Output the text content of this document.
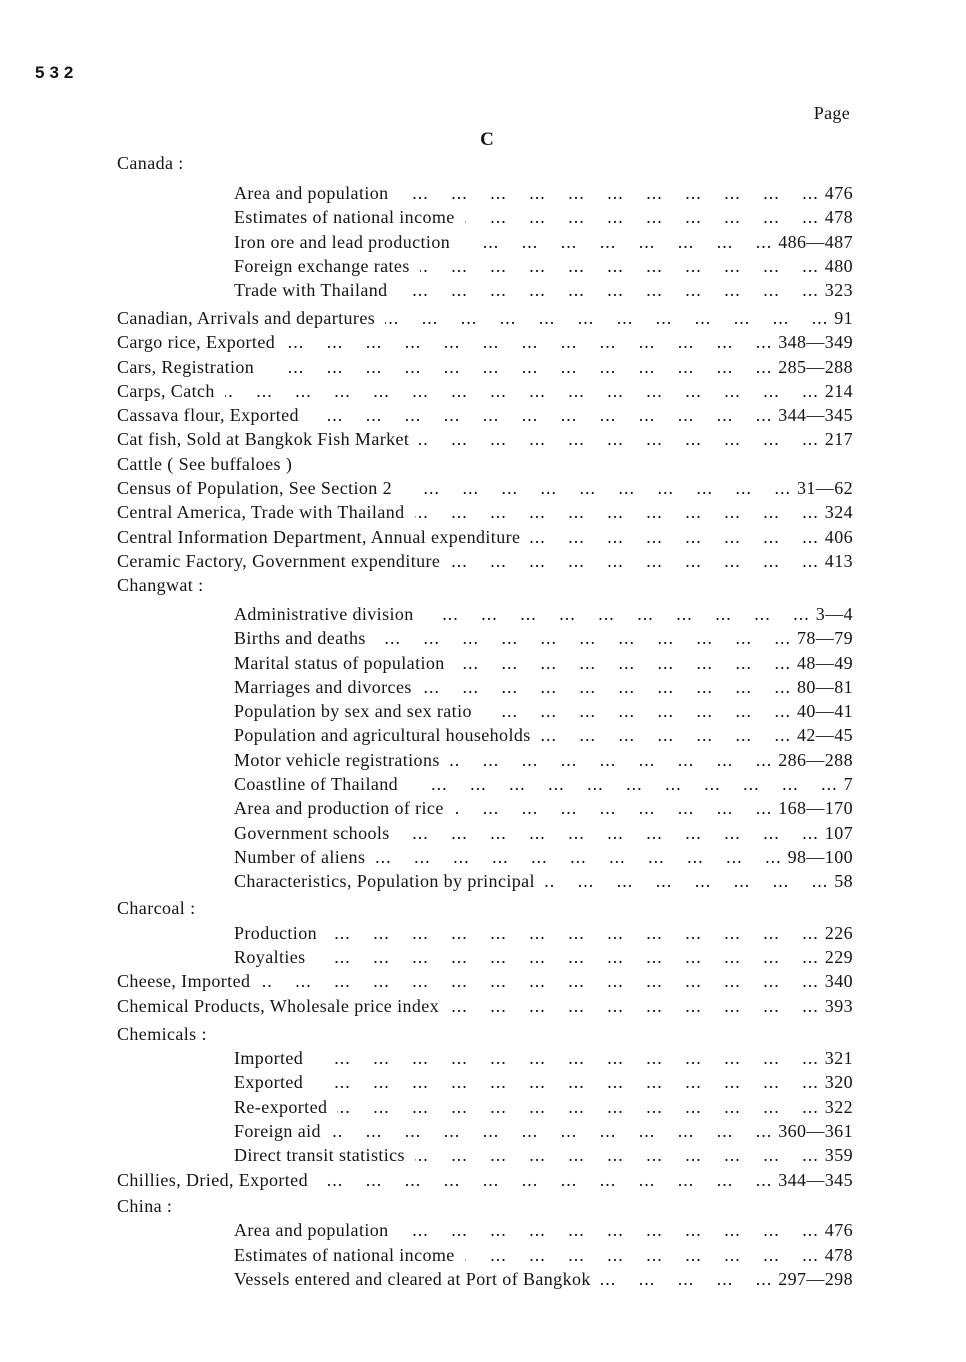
532
Page
C
Canada :
Area and population ... .	476
Estimates of national income ... .	478
Iron ore and lead production ... .	486—487
Foreign exchange rates ... .	480
Trade with Thailand ... .	323
Canadian, Arrivals and departures ... .	91
Cargo rice, Exported ... .	348—349
Cars, Registration ... .	285—288
Carps, Catch ... .	214
Cassava flour, Exported ... .	344—345
Cat fish, Sold at Bangkok Fish Market ... .	217
Cattle ( See buffaloes )
Census of Population, See Section 2 ... .	31—62
Central America, Trade with Thailand ... .	324
Central Information Department, Annual expenditure ... .	406
Ceramic Factory, Government expenditure ... .	413
Changwat :
Administrative division ... .	3—4
Births and deaths ... .	78—79
Marital status of population ... .	48—49
Marriages and divorces ... .	80—81
Population by sex and sex ratio ... .	40—41
Population and agricultural households ... .	42—45
Motor vehicle registrations ... .	286—288
Coastline of Thailand ... .	7
Area and production of rice ... .	168—170
Government schools ... .	107
Number of aliens ... .	98—100
Characteristics, Population by principal ... .	58
Charcoal :
Production ... .	226
Royalties ... .	229
Cheese, Imported ... .	340
Chemical Products, Wholesale price index ... .	393
Chemicals :
Imported ... .	321
Exported ... .	320
Re-exported ... .	322
Foreign aid ... .	360—361
Direct transit statistics ... .	359
Chillies, Dried, Exported ... .	344—345
China :
Area and population ... .	476
Estimates of national income ... .	478
Vessels entered and cleared at Port of Bangkok ... .	297—298
